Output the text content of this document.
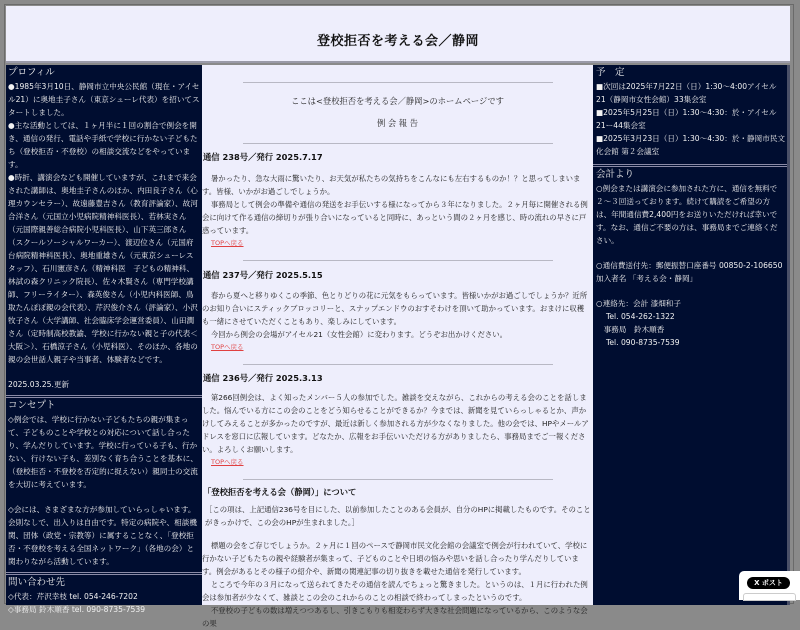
登校拒否を考える会／静岡
プロフィル
●1985年3月10日、静岡市立中央公民館（現在・アイセル21）に奥地圭子さん（東京シューレ代表）を招いてスタートしました。
●主な活動としては、１ヶ月半に１回の割合で例会を開き、通信の発行、電話や手紙で学校に行かない子どもたち（登校拒否・不登校）の相談交流などをやっています。
●時折、講演会なども開催していますが、これまで来会された講師は、奥地圭子さんのほか、内田良子さん（心理カウンセラー）、故遠藤豊吉さん（教育評論家）、故河合洋さん（元国立小児病院精神科医長）、若林実さん（元国際親善総合病院小児科医長）、山下英三郎さん（スクールソーシャルワーカー）、渡辺位さん（元国府台病院精神科医長）、奥地重雄さん（元東京シューレスタッフ）、石川憲彦さん（精神科医　子どもの精神科、林試の森クリニック院長）、佐々木賢さん（専門学校講師、フリーライター）、森英俊さん（小児内科医師、鳥取たんぽぽ親の会代表）、芹沢俊介さん（評論家）、小沢牧子さん（大学講師、社会臨床学会運営委員）、山田潤さん（定時制高校教諭、学校に行かない親と子の代表＜大阪＞）、石橋涼子さん（小児科医）、そのほか、各地の親の会世話人親子や当事者、体験者などです。
2025.03.25.更新
コンセプト
◇例会では、学校に行かない子どもたちの親が集まって、子どものことや学校との対応について話し合ったり、学んだりしています。学校に行っている子も、行かない、行けない子も、差別なく育ち合うことを基本に、（登校拒否・不登校を否定的に捉えない）親同士の交流を大切に考えています。
◇会には、さまざまな方が参加していらっしゃいます。会則なしで、出入りは自由です。特定の病院や、相談機関、団体（政党・宗教等）に属することなく、「登校拒否・不登校を考える全国ネットワーク」（各地の会）と関わりながら活動しています。
問い合わせ先
◇代表：芹沢幸枝 tel. 054-246-7202
◇事務局 鈴木順香 tel. 090-8735-7539
ここは<登校拒否を考える会／静岡>のホームページです
例 会 報 告
通信 238号／発行 2025.7.17
暑かったり、急な大雨に驚いたり、お天気が私たちの気持ちをこんなにも左右するものか！？と思ってしまいます。皆様、いかがお過ごしでしょうか。
事務局として例会の準備や通信の発送をお手伝いする様になってから３年になりました。２ヶ月毎に開催される例会に向けて作る通信の締切りが張り合いになっていると同時に、あっという間の２ヶ月を感じ、時の流れの早さに戸惑っています。
TOPへ戻る
通信 237号／発行 2025.5.15
春から夏へと移りゆくこの季節、色とりどりの花に元気をもらっています。皆様いかがお過ごしでしょうか？近所のお知り合いにスティックブロッコリーと、スナップエンドウのおすそわけを頂いて助かっています。おまけに収穫も一緒にさせていただくこともあり、楽しみにしています。
今回から例会の会場がアイセル21（女性会館）に変わります。どうぞお出かけください。
TOPへ戻る
通信 236号／発行 2025.3.13
第266回例会は、よく知ったメンバー５人の参加でした。雑談を交えながら、これからの考える会のことを話しました。悩んでいる方にこの会のことをどう知らせることができるか？今までは、新聞を見ていらっしゃるとか、声かけしてみえることが多かったのですが、最近は新しく参加される方が少なくなりました。他の会では、HPやメールアドレスを窓口に広報しています。どなたか、広報をお手伝いいただける方がありましたら、事務局までご一報ください。よろしくお願いします。
TOPへ戻る
「登校拒否を考える会（静岡）」について
［この項は、上記通信236号を目にした、以前参加したことのある会員が、自分のHPに掲載したものです。そのことがきっかけで、この会のHPが生まれました。］
標題の会をご存じでしょうか。２ヶ月に１回のペースで静岡市民文化会館の会議室で例会が行われていて、学校に行かない子どもたちの親や経験者が集まって、子どものことや日頃の悩みや思いを話し合ったり学んだりしています。例会があるとその様子の紹介や、新聞の関連記事の切り抜きを載せた通信を発行しています。
ところで今年の３月になって送られてきたその通信を読んでちょっと驚きました。というのは、１月に行われた例会は参加者が少なくて、雑談とこの会のこれからのことの相談で終わってしまったというのです。
不登校の子どもの数は増えつつあるし、引きこもりも相変わらず大きな社会問題になっているから、このような会の果
予　定
■次回は2025年7月22日（日）1:30〜4:00アイセル21（静岡市女性会館）33集会室
■2025年5月25日（日）1:30〜4:30：於・アイセル21ー44集会室
■2025年3月23日（日）1:30〜4:30：於・静岡市民文化会館 第２会議室
会計より
○例会または講演会に参加された方に、通信を無料で２〜３回送っております。続けて購読をご希望の方は、年間通信費2,400円をお送りいただければ幸いです。なお、通信ご不要の方は、事務局までご連絡ください。
○通信費送付先：郵便振替口座番号 00850-2-106650
加入者名 「考える会・静岡」
○連絡先：会計 漆畑和子
　 Tel. 054-262-1322
　事務局　鈴木順香
　 Tel. 090-8735-7539
X ポスト
